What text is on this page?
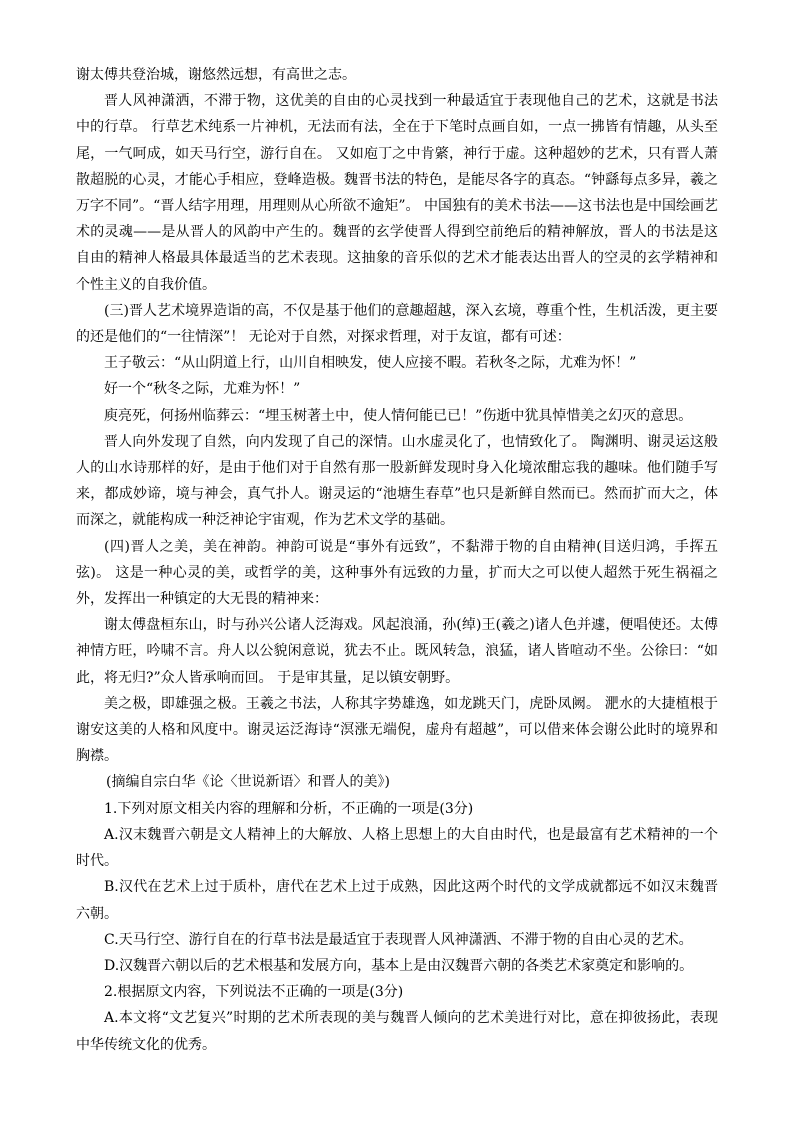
谢太傅共登治城，谢悠然远想，有高世之志。

晋人风神潇洒，不滞于物，这优美的自由的心灵找到一种最适宜于表现他自己的艺术，这就是书法中的行草。 行草艺术纯系一片神机，无法而有法，全在于下笔时点画自如，一点一拂皆有情趣，从头至尾，一气呵成，如天马行空，游行自在。 又如庖丁之中肯綮，神行于虚。这种超妙的艺术，只有晋人萧散超脱的心灵，才能心手相应，登峰造极。魏晋书法的特色，是能尽各字的真态。“钟繇每点多异，羲之万字不同”。“晋人结字用理，用理则从心所欲不逾矩”。 中国独有的美术书法——这书法也是中国绘画艺术的灵魂——是从晋人的风韵中产生的。魏晋的玄学使晋人得到空前绝后的精神解放，晋人的书法是这自由的精神人格最具体最适当的艺术表现。这抽象的音乐似的艺术才能表达出晋人的空灵的玄学精神和个性主义的自我价值。

(三)晋人艺术境界造诣的高，不仅是基于他们的意趣超越，深入玄境，尊重个性，生机活泼，更主要的还是他们的“一往情深”！ 无论对于自然，对探求哲理，对于友谊，都有可述：

王子敬云：“从山阴道上行，山川自相映发，使人应接不暇。若秋冬之际，尤难为怀！”

好一个“秋冬之际，尤难为怀！”

庾亮死，何扬州临葬云：“埋玉树著土中，使人情何能已已！”伤逝中犹具悼惜美之幻灭的意思。

晋人向外发现了自然，向内发现了自己的深情。山水虚灵化了，也情致化了。 陶渊明、谢灵运这般人的山水诗那样的好，是由于他们对于自然有那一股新鲜发现时身入化境浓酣忘我的趣味。他们随手写来，都成妙谛，境与神会，真气扑人。谢灵运的“池塘生春草”也只是新鲜自然而已。然而扩而大之，体而深之，就能构成一种泛神论宇宙观，作为艺术文学的基础。

(四)晋人之美，美在神韵。神韵可说是“事外有远致”，不黏滞于物的自由精神(目送归鸿，手挥五弦)。 这是一种心灵的美，或哲学的美，这种事外有远致的力量，扩而大之可以使人超然于死生祸福之外，发挥出一种镇定的大无畏的精神来：

谢太傅盘桓东山，时与孙兴公诸人泛海戏。风起浪涌，孙(绰)王(羲之)诸人色并遽，便唱使还。太傅神情方旺，吟啸不言。舟人以公貌闲意说，犹去不止。既风转急，浪猛，诸人皆喧动不坐。公徐曰：“如此，将无归?”众人皆承响而回。 于是审其量，足以镇安朝野。

美之极，即雄强之极。王羲之书法，人称其字势雄逸，如龙跳天门，虎卧凤阙。 淝水的大捷植根于谢安这美的人格和风度中。谢灵运泛海诗“溟涨无端倪，虚舟有超越”，可以借来体会谢公此时的境界和胸襟。

(摘编自宗白华《论〈世说新语〉和晋人的美》)

1.下列对原文相关内容的理解和分析，不正确的一项是(3分)

A.汉末魏晋六朝是文人精神上的大解放、人格上思想上的大自由时代，也是最富有艺术精神的一个时代。

B.汉代在艺术上过于质朴，唐代在艺术上过于成熟，因此这两个时代的文学成就都远不如汉末魏晋六朝。

C.天马行空、游行自在的行草书法是最适宜于表现晋人风神潇洒、不滞于物的自由心灵的艺术。

D.汉魏晋六朝以后的艺术根基和发展方向，基本上是由汉魏晋六朝的各类艺术家奠定和影响的。

2.根据原文内容，下列说法不正确的一项是(3分)

A.本文将“文艺复兴”时期的艺术所表现的美与魏晋人倾向的艺术美进行对比，意在抑彼扬此，表现中华传统文化的优秀。
